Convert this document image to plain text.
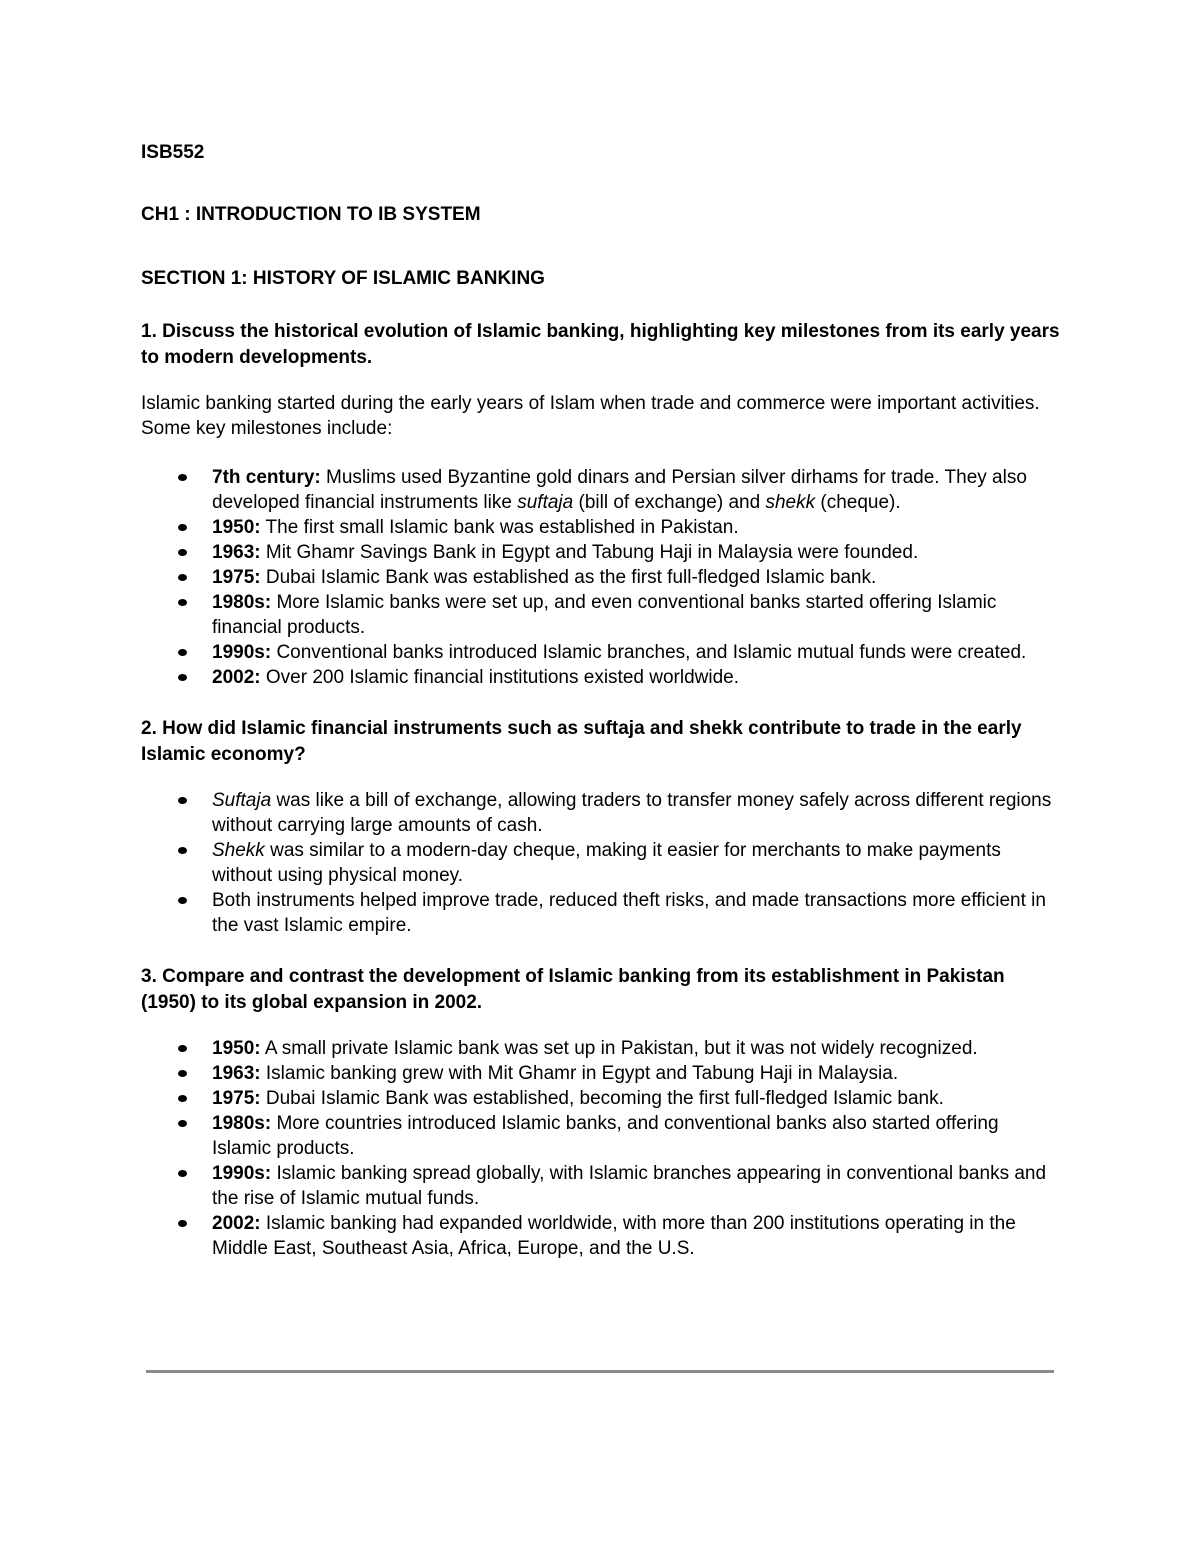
ISB552

CH1 : INTRODUCTION TO IB SYSTEM

SECTION 1: HISTORY OF ISLAMIC BANKING

1. Discuss the historical evolution of Islamic banking, highlighting key milestones from its early years to modern developments.

Islamic banking started during the early years of Islam when trade and commerce were important activities. Some key milestones include:

7th century: Muslims used Byzantine gold dinars and Persian silver dirhams for trade. They also developed financial instruments like suftaja (bill of exchange) and shekk (cheque).
1950: The first small Islamic bank was established in Pakistan.
1963: Mit Ghamr Savings Bank in Egypt and Tabung Haji in Malaysia were founded.
1975: Dubai Islamic Bank was established as the first full-fledged Islamic bank.
1980s: More Islamic banks were set up, and even conventional banks started offering Islamic financial products.
1990s: Conventional banks introduced Islamic branches, and Islamic mutual funds were created.
2002: Over 200 Islamic financial institutions existed worldwide.

2. How did Islamic financial instruments such as suftaja and shekk contribute to trade in the early Islamic economy?

Suftaja was like a bill of exchange, allowing traders to transfer money safely across different regions without carrying large amounts of cash.
Shekk was similar to a modern-day cheque, making it easier for merchants to make payments without using physical money.
Both instruments helped improve trade, reduced theft risks, and made transactions more efficient in the vast Islamic empire.

3. Compare and contrast the development of Islamic banking from its establishment in Pakistan (1950) to its global expansion in 2002.

1950: A small private Islamic bank was set up in Pakistan, but it was not widely recognized.
1963: Islamic banking grew with Mit Ghamr in Egypt and Tabung Haji in Malaysia.
1975: Dubai Islamic Bank was established, becoming the first full-fledged Islamic bank.
1980s: More countries introduced Islamic banks, and conventional banks also started offering Islamic products.
1990s: Islamic banking spread globally, with Islamic branches appearing in conventional banks and the rise of Islamic mutual funds.
2002: Islamic banking had expanded worldwide, with more than 200 institutions operating in the Middle East, Southeast Asia, Africa, Europe, and the U.S.
